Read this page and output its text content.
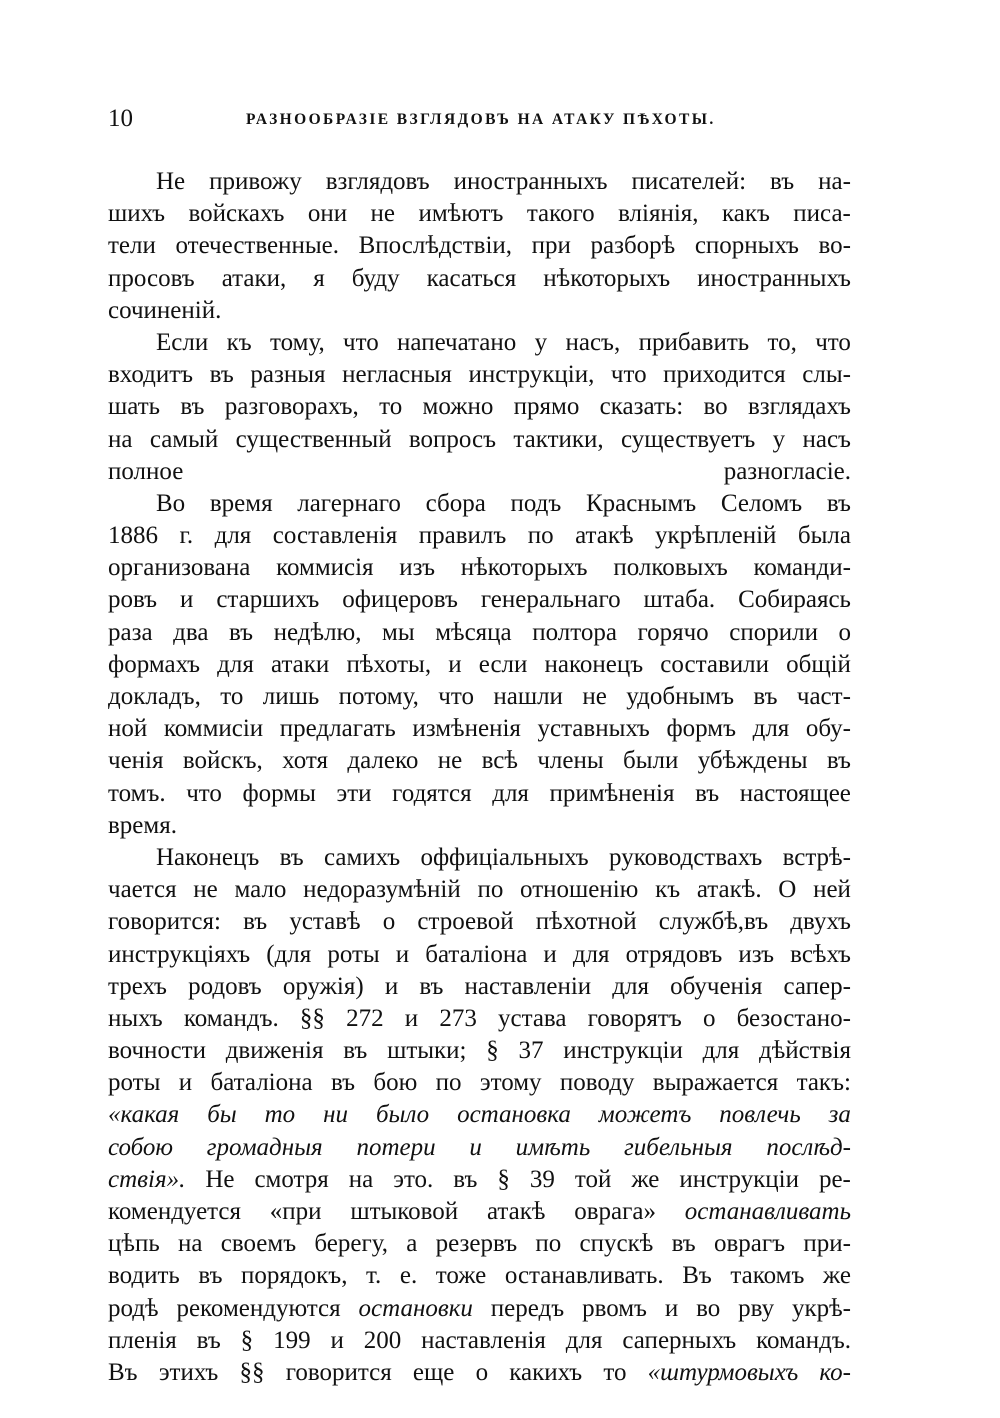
10	РАЗНООБРАЗІЕ ВЗГЛЯДОВЪ НА АТАКУ ПѢХОТЫ.
Не привожу взглядовъ иностранныхъ писателей: въ на-
шихъ войскахъ они не имѣютъ такого вліянія, какъ писа-
тели отечественные. Впослѣдствіи, при разборѣ спорныхъ во-
просовъ атаки, я буду касаться нѣкоторыхъ иностранныхъ
сочиненій.
Если къ тому, что напечатано у насъ, прибавить то, что
входитъ въ разныя негласныя инструкціи, что приходится слы-
шать въ разговорахъ, то можно прямо сказать: во взглядахъ
на самый существенный вопросъ тактики, существуетъ у насъ
полное разногласіе.
Во время лагернаго сбора подъ Краснымъ Селомъ въ
1886 г. для составленія правилъ по атакѣ укрѣпленій была
организована коммисія изъ нѣкоторыхъ полковыхъ команди-
ровъ и старшихъ офицеровъ генеральнаго штаба. Собираясь
раза два въ недѣлю, мы мѣсяца полтора горячо спорили о
формахъ для атаки пѣхоты, и если наконецъ составили общій
докладъ, то лишь потому, что нашли не удобнымъ въ част-
ной коммисіи предлагать измѣненія уставныхъ формъ для обу-
ченія войскъ, хотя далеко не всѣ члены были убѣждены въ
томъ. что формы эти годятся для примѣненія въ настоящее
время.
Наконецъ въ самихъ оффиціальныхъ руководствахъ встрѣ-
чается не мало недоразумѣній по отношенію къ атакѣ. О ней
говорится: въ уставѣ о строевой пѣхотной службѣ,въ двухъ
инструкціяхъ (для роты и баталіона и для отрядовъ изъ всѣхъ
трехъ родовъ оружія) и въ наставленіи для обученія сапер-
ныхъ командъ. §§ 272 и 273 устава говорятъ о безостано-
вочности движенія въ штыки; § 37 инструкціи для дѣйствія
роты и баталіона въ бою по этому поводу выражается такъ:
«какая бы то ни было остановка можетъ повлечь за
собою громадныя потери и имѣть гибельныя послѣд-
ствія». Не смотря на это. въ § 39 той же инструкціи ре-
комендуется «при штыковой атакѣ оврага» останавливать
цѣпь на своемъ берегу, а резервъ по спускѣ въ оврагъ при-
водить въ порядокъ, т. е. тоже останавливать. Въ такомъ же
родѣ рекомендуются остановки передъ рвомъ и во рву укрѣ-
пленія въ § 199 и 200 наставленія для саперныхъ командъ.
Въ этихъ §§ говорится еще о какихъ то «штурмовыхъ ко-
